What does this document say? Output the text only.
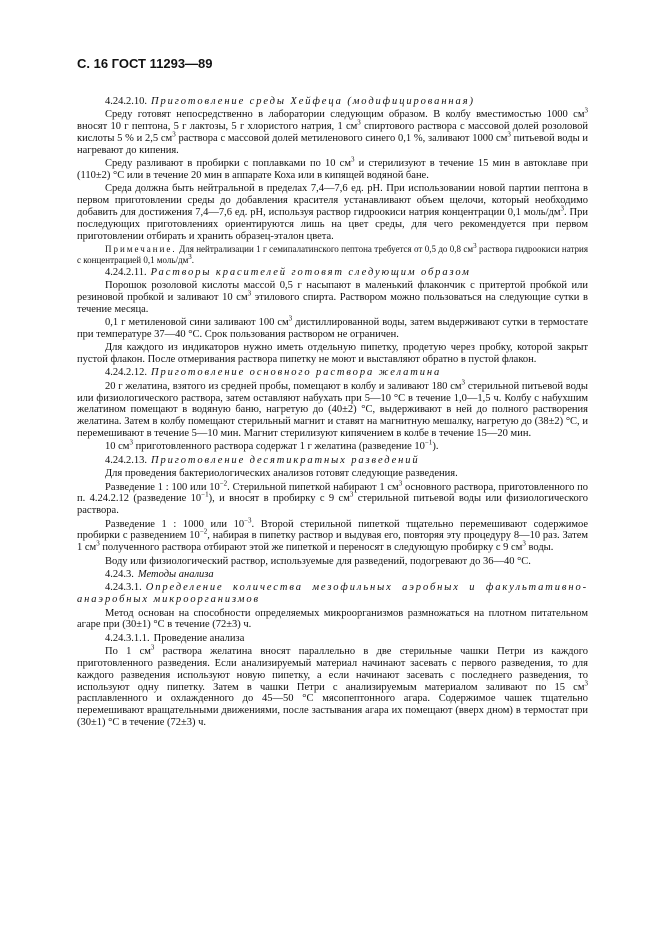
С. 16 ГОСТ 11293—89

4.24.2.10. Приготовление среды Хейфеца (модифицированная)

Среду готовят непосредственно в лаборатории следующим образом. В колбу вместимостью 1000 $см^3$ вносят 10 г пептона, 5 г лактозы, 5 г хлористого натрия, 1 $см^3$ спиртового раствора с массовой долей розоловой кислоты 5 % и 2,5 $см^3$ раствора с массовой долей метиленового синего 0,1 %, заливают 1000 $см^3$ питьевой воды и нагревают до кипения.

Среду разливают в пробирки с поплавками по 10 $см^3$ и стерилизуют в течение 15 мин в автоклаве при (110±2) °С или в течение 20 мин в аппарате Коха или в кипящей водяной бане.

Среда должна быть нейтральной в пределах 7,4—7,6 ед. рН. При использовании новой партии пептона в первом приготовлении среды до добавления красителя устанавливают объем щелочи, который необходимо добавить для достижения 7,4—7,6 ед. рН, используя раствор гидроокиси натрия концентрации 0,1 моль/$дм^3$. При последующих приготовлениях ориентируются лишь на цвет среды, для чего рекомендуется при первом приготовлении отбирать и хранить образец-эталон цвета.

Примечание. Для нейтрализации 1 г семипалатинского пептона требуется от 0,5 до 0,8 $см^3$ раствора гидроокиси натрия с концентрацией 0,1 моль/$дм^3$.

4.24.2.11. Растворы красителей готовят следующим образом

Порошок розоловой кислоты массой 0,5 г насыпают в маленький флакончик с притертой пробкой или резиновой пробкой и заливают 10 $см^3$ этилового спирта. Раствором можно пользоваться на следующие сутки в течение месяца.

0,1 г метиленовой сини заливают 100 $см^3$ дистиллированной воды, затем выдерживают сутки в термостате при температуре 37—40 °С. Срок пользования раствором не ограничен.

Для каждого из индикаторов нужно иметь отдельную пипетку, продетую через пробку, которой закрыт пустой флакон. После отмеривания раствора пипетку не моют и выставляют обратно в пустой флакон.

4.24.2.12. Приготовление основного раствора желатина

20 г желатина, взятого из средней пробы, помещают в колбу и заливают 180 $см^3$ стерильной питьевой воды или физиологического раствора, затем оставляют набухать при 5—10 °С в течение 1,0—1,5 ч. Колбу с набухшим желатином помещают в водяную баню, нагретую до (40±2) °С, выдерживают в ней до полного растворения желатина. Затем в колбу помещают стерильный магнит и ставят на магнитную мешалку, нагретую до (38±2) °С, и перемешивают в течение 5—10 мин. Магнит стерилизуют кипячением в колбе в течение 15—20 мин.

10 $см^3$ приготовленного раствора содержат 1 г желатина (разведение $10^{-1}$).

4.24.2.13. Приготовление десятикратных разведений

Для проведения бактериологических анализов готовят следующие разведения.

Разведение 1 : 100 или $10^{-2}$. Стерильной пипеткой набирают 1 $см^3$ основного раствора, приготовленного по п. 4.24.2.12 (разведение $10^{-1}$), и вносят в пробирку с 9 $см^3$ стерильной питьевой воды или физиологического раствора.

Разведение 1 : 1000 или $10^{-3}$. Второй стерильной пипеткой тщательно перемешивают содержимое пробирки с разведением $10^{-2}$, набирая в пипетку раствор и выдувая его, повторяя эту процедуру 8—10 раз. Затем 1 $см^3$ полученного раствора отбирают этой же пипеткой и переносят в следующую пробирку с 9 $см^3$ воды.

Воду или физиологический раствор, используемые для разведений, подогревают до 36—40 °С.

4.24.3. Методы анализа

4.24.3.1. Определение количества мезофильных аэробных и факультативно-анаэробных микроорганизмов

Метод основан на способности определяемых микроорганизмов размножаться на плотном питательном агаре при (30±1) °С в течение (72±3) ч.

4.24.3.1.1. Проведение анализа

По 1 $см^3$ раствора желатина вносят параллельно в две стерильные чашки Петри из каждого приготовленного разведения. Если анализируемый материал начинают засевать с первого разведения, то для каждого разведения используют новую пипетку, а если начинают засевать с последнего разведения, то используют одну пипетку. Затем в чашки Петри с анализируемым материалом заливают по 15 $см^3$ расплавленного и охлажденного до 45—50 °С мясопептонного агара. Содержимое чашек тщательно перемешивают вращательными движениями, после застывания агара их помещают (вверх дном) в термостат при (30±1) °С в течение (72±3) ч.
